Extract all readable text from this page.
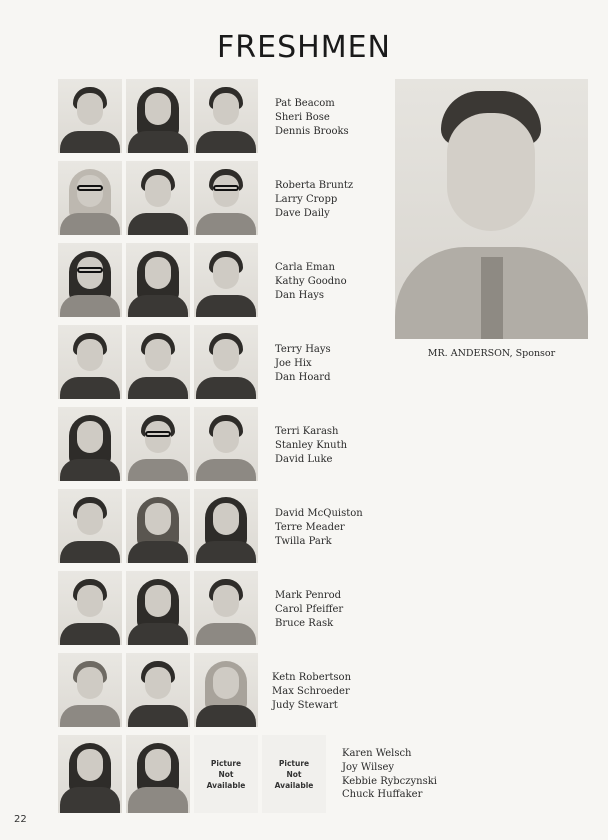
FRESHMEN
Pat Beacom
Sheri Bose
Dennis Brooks
Roberta Bruntz
Larry Cropp
Dave Daily
Carla Eman
Kathy Goodno
Dan Hays
Terry Hays
Joe Hix
Dan Hoard
Terri Karash
Stanley Knuth
David Luke
David McQuiston
Terre Meader
Twilla Park
Mark Penrod
Carol Pfeiffer
Bruce Rask
Ketn Robertson
Max Schroeder
Judy Stewart
Picture
Not
Available
Picture
Not
Available
Karen Welsch
Joy Wilsey
Kebbie Rybczynski
Chuck Huffaker
MR. ANDERSON, Sponsor
22
